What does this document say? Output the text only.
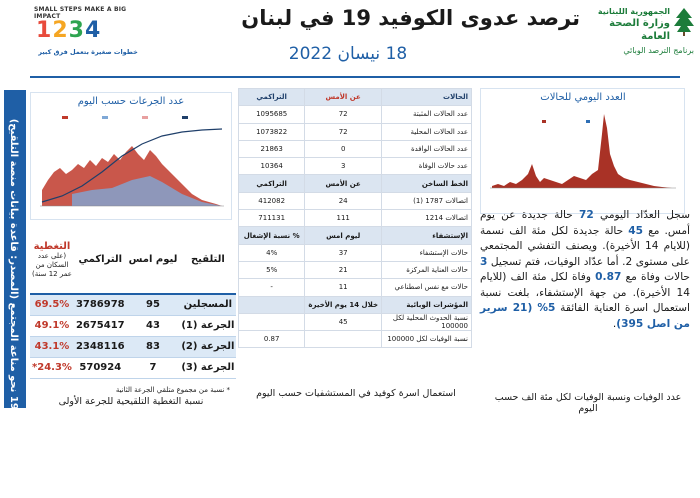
SMALL STEPS MAKE A BIG IMPACT
1234
خطوات صغيرة بتعمل فرق كبير
ترصد عدوى الكوفيد 19 في لبنان
18 نيسان 2022
الجمهورية اللبنانية
وزارة الصحة العامة
برنامج الترصد الوبائي
العدد اليومي للحالات
سجل العدّاد اليومي 72 حالة جديدة عن يوم أمس. مع 45 حالة جديدة لكل مئة الف نسمة (للايام 14 الأخيرة). ويصنف التفشي المجتمعي على مستوى 2. أما عدّاد الوفيات، فتم تسجيل 3 حالات وفاة مع 0.87 وفاة لكل مئة الف (للايام 14 الأخيرة). من جهة الإستشفاء، بلغت نسبة استعمال اسرة العناية الفائقة 5% (21 سرير من اصل 395).
عدد الوفيات ونسبة الوفيات لكل مئة الف حسب اليوم
الحالات	عن الأمس	التراكمي
عدد الحالات المثبتة	72	1095685
عدد الحالات المحلية	72	1073822
عدد الحالات الوافدة	0	21863
عدد حالات الوفاة	3	10364
الخط الساخن	عن الأمس	التراكمي
اتصالات 1787 (1)	24	412082
اتصالات 1214	111	711131
الإستشفاء	ليوم امس	% نسبة الإشغال
حالات الإستشفاء	37	4%
حالات العناية المركزة	21	5%
حالات مع نفس اصطناعي	11	-
المؤشرات الوبائية	خلال 14 يوم الأخيرة	
نسبة الحدوث المحلية لكل 100000	45	
نسبة الوفيات لكل 100000		0.87
استعمال اسرة كوفيد في المستشفيات حسب اليوم
عدد الجرعات حسب اليوم
التلقيح	ليوم امس	التراكمي	التغطية
(على عدد السكان من عمر 12 سنة)

المسجلين	95	3786978	69.5%
الجرعة (1)	43	2675417	49.1%
الجرعة (2)	83	2348116	43.1%
الجرعة (3)	7	570924	24.3%*
* نسبة من مجموع متلقي الجرعة الثانية
نسبة التغطية التلقيحية للجرعة الأولى
التلقيح ضد كوفيد 19 نحو مناعة المجتمع (المصدر: قاعدة بيانات منصة التلقيح)
